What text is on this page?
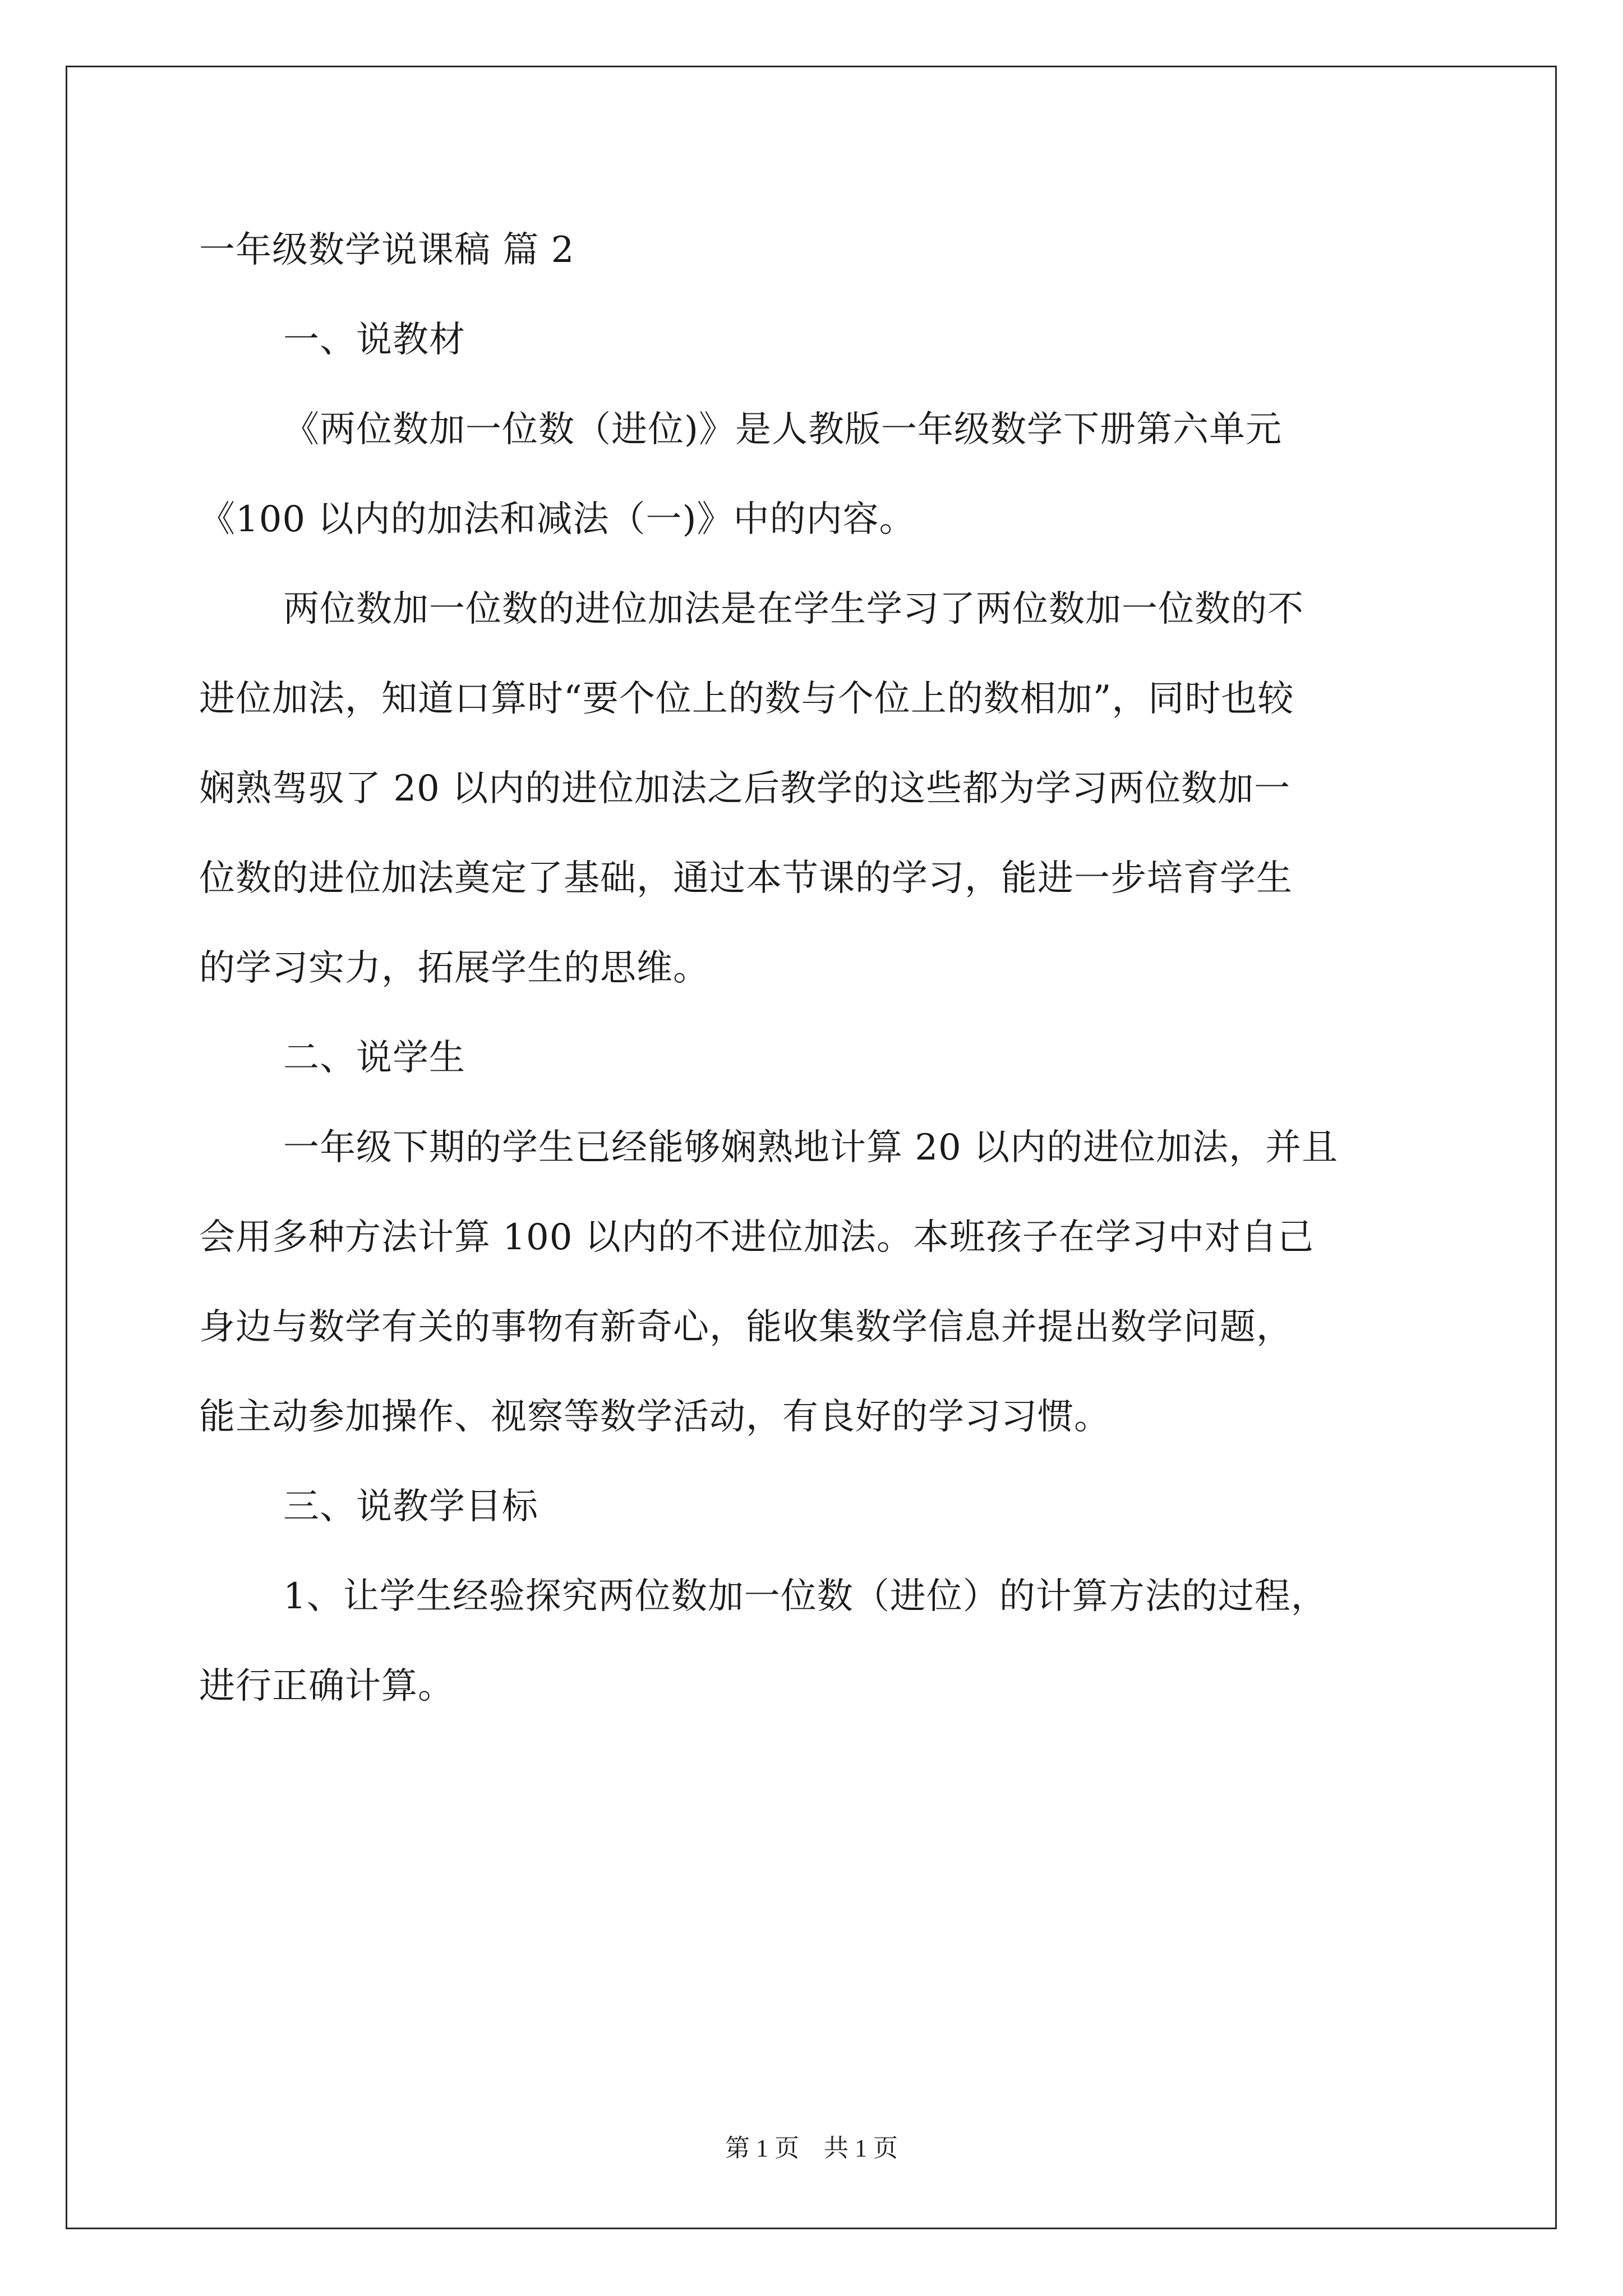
一年级数学说课稿 篇 2
一、说教材
《两位数加一位数（进位)》是人教版一年级数学下册第六单元
《100 以内的加法和减法（一)》中的内容。
两位数加一位数的进位加法是在学生学习了两位数加一位数的不
进位加法，知道口算时“要个位上的数与个位上的数相加”，同时也较
娴熟驾驭了 20 以内的进位加法之后教学的这些都为学习两位数加一
位数的进位加法奠定了基础，通过本节课的学习，能进一步培育学生
的学习实力，拓展学生的思维。
二、说学生
一年级下期的学生已经能够娴熟地计算 20 以内的进位加法，并且
会用多种方法计算 100 以内的不进位加法。本班孩子在学习中对自己
身边与数学有关的事物有新奇心，能收集数学信息并提出数学问题，
能主动参加操作、视察等数学活动，有良好的学习习惯。
三、说教学目标
1、让学生经验探究两位数加一位数（进位）的计算方法的过程，
进行正确计算。
第 1 页　共 1 页
